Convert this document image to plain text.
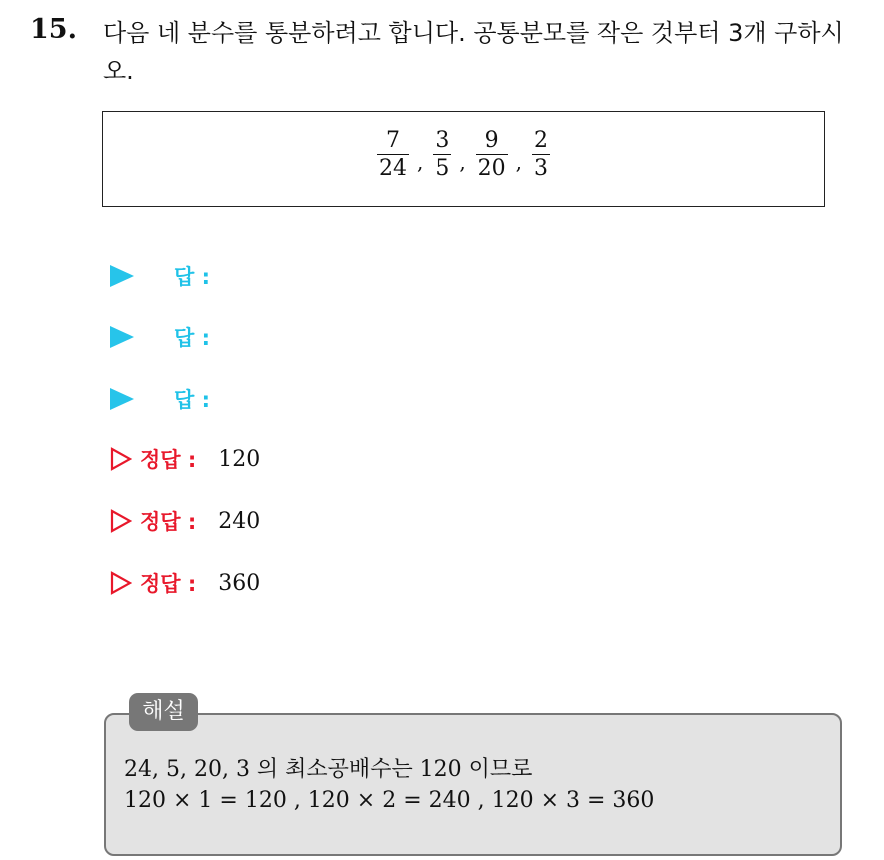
15. 다음 네 분수를 통분하려고 합니다. 공통분모를 작은 것부터 3개 구하시오.
$\frac{7}{24}$ , $\frac{3}{5}$ , $\frac{9}{20}$ , $\frac{2}{3}$
답 :
답 :
답 :
정답 : 120
정답 : 240
정답 : 360
해설
24, 5, 20, 3 의 최소공배수는 120 이므로
120 × 1 = 120 , 120 × 2 = 240 , 120 × 3 = 360
